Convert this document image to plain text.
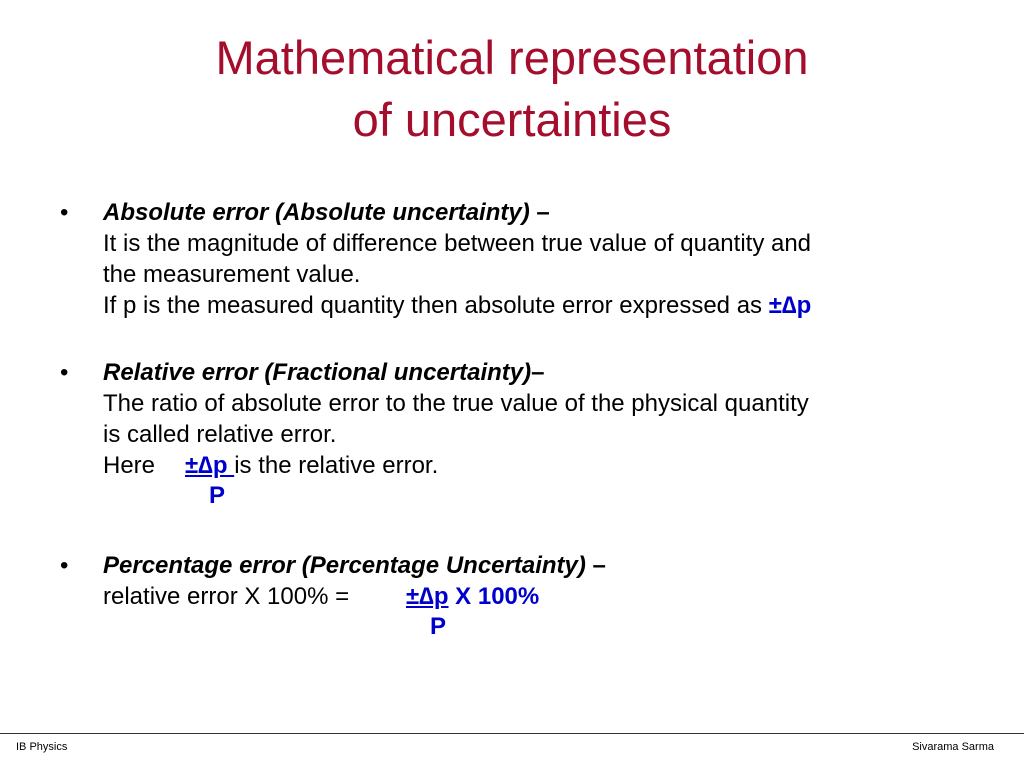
Mathematical representation
of uncertainties
• Absolute error (Absolute uncertainty) –
It is the magnitude of difference between true value of quantity and
the measurement value.
If p is the measured quantity then absolute error expressed as ±∆p
• Relative error (Fractional uncertainty)–
The ratio of absolute error to the true value of the physical quantity
is called relative error.
Here ±∆p is the relative error.
P
• Percentage error (Percentage Uncertainty) –
relative error X 100% = ±∆p X 100%
P
IB Physics	Sivarama Sarma
